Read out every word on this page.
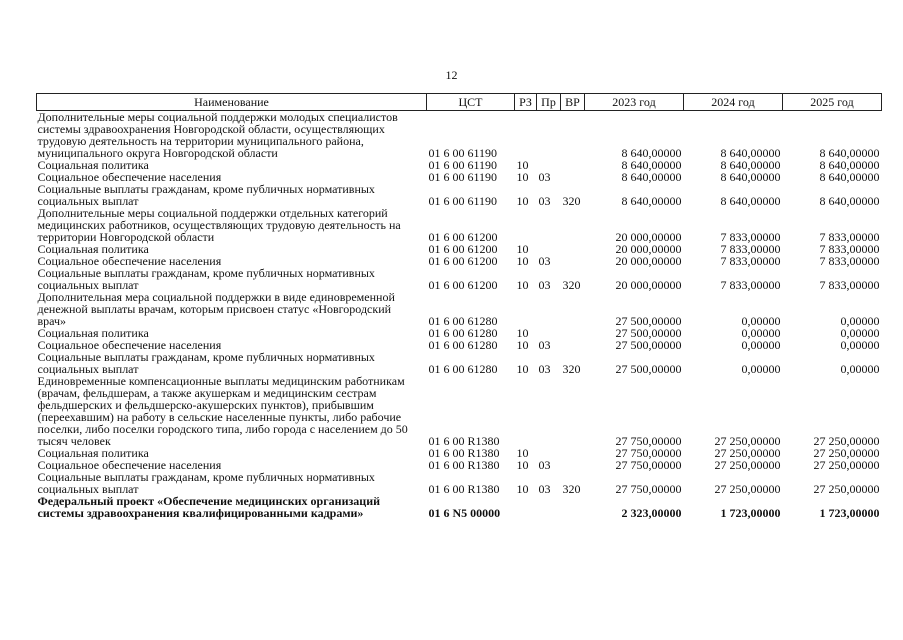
12
Наименование	ЦСТ	РЗ	Пр	ВР	2023 год	2024 год	2025 год
Дополнительные меры социальной поддержки молодых специалистов системы здравоохранения Новгородской области, осуществляющих трудовую деятельность на территории муниципального района, муниципального округа Новгородской области	01 6 00 61190				8 640,00000	8 640,00000	8 640,00000
Социальная политика	01 6 00 61190	10			8 640,00000	8 640,00000	8 640,00000
Социальное обеспечение населения	01 6 00 61190	10	03		8 640,00000	8 640,00000	8 640,00000
Социальные выплаты гражданам, кроме публичных нормативных социальных выплат	01 6 00 61190	10	03	320	8 640,00000	8 640,00000	8 640,00000
Дополнительные меры социальной поддержки отдельных категорий медицинских работников, осуществляющих трудовую деятельность на территории Новгородской области	01 6 00 61200				20 000,00000	7 833,00000	7 833,00000
Социальная политика	01 6 00 61200	10			20 000,00000	7 833,00000	7 833,00000
Социальное обеспечение населения	01 6 00 61200	10	03		20 000,00000	7 833,00000	7 833,00000
Социальные выплаты гражданам, кроме публичных нормативных социальных выплат	01 6 00 61200	10	03	320	20 000,00000	7 833,00000	7 833,00000
Дополнительная мера социальной поддержки в виде единовременной денежной выплаты врачам, которым присвоен статус «Новгородский врач»	01 6 00 61280				27 500,00000	0,00000	0,00000
Социальная политика	01 6 00 61280	10			27 500,00000	0,00000	0,00000
Социальное обеспечение населения	01 6 00 61280	10	03		27 500,00000	0,00000	0,00000
Социальные выплаты гражданам, кроме публичных нормативных социальных выплат	01 6 00 61280	10	03	320	27 500,00000	0,00000	0,00000
Единовременные компенсационные выплаты медицинским работникам (врачам, фельдшерам, а также акушеркам и медицинским сестрам фельдшерских и фельдшерско-акушерских пунктов), прибывшим (переехавшим) на работу в сельские населенные пункты, либо рабочие поселки, либо поселки городского типа, либо города с населением до 50 тысяч человек	01 6 00 R1380				27 750,00000	27 250,00000	27 250,00000
Социальная политика	01 6 00 R1380	10			27 750,00000	27 250,00000	27 250,00000
Социальное обеспечение населения	01 6 00 R1380	10	03		27 750,00000	27 250,00000	27 250,00000
Социальные выплаты гражданам, кроме публичных нормативных социальных выплат	01 6 00 R1380	10	03	320	27 750,00000	27 250,00000	27 250,00000
Федеральный проект «Обеспечение медицинских организаций системы здравоохранения квалифицированными кадрами»	01 6 N5 00000				2 323,00000	1 723,00000	1 723,00000
